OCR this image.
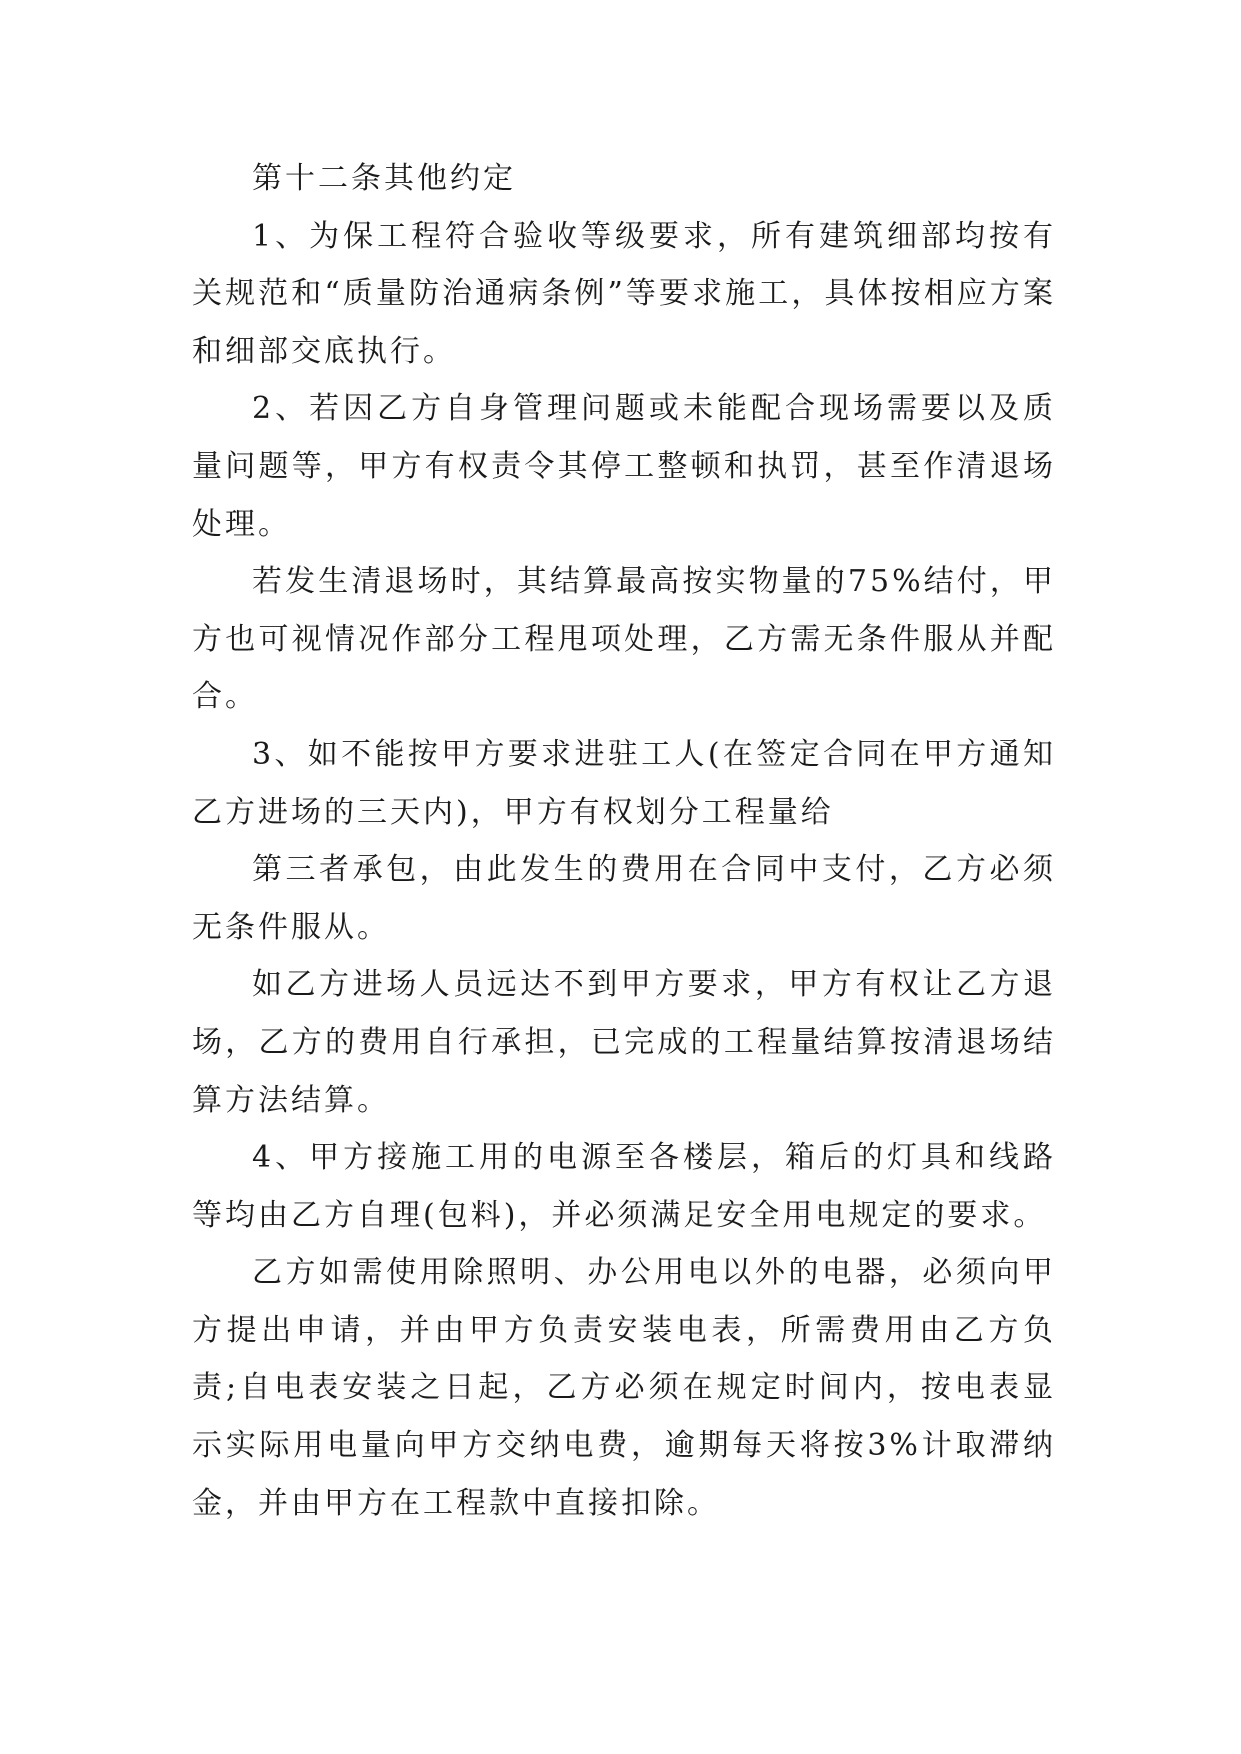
第十二条其他约定

1、为保工程符合验收等级要求，所有建筑细部均按有关规范和“质量防治通病条例”等要求施工，具体按相应方案和细部交底执行。

2、若因乙方自身管理问题或未能配合现场需要以及质量问题等，甲方有权责令其停工整顿和执罚，甚至作清退场处理。

若发生清退场时，其结算最高按实物量的75%结付，甲方也可视情况作部分工程甩项处理，乙方需无条件服从并配合。

3、如不能按甲方要求进驻工人(在签定合同在甲方通知乙方进场的三天内)，甲方有权划分工程量给

第三者承包，由此发生的费用在合同中支付，乙方必须无条件服从。

如乙方进场人员远达不到甲方要求，甲方有权让乙方退场，乙方的费用自行承担，已完成的工程量结算按清退场结算方法结算。

4、甲方接施工用的电源至各楼层，箱后的灯具和线路等均由乙方自理(包料)，并必须满足安全用电规定的要求。

乙方如需使用除照明、办公用电以外的电器，必须向甲方提出申请，并由甲方负责安装电表，所需费用由乙方负责;自电表安装之日起，乙方必须在规定时间内，按电表显示实际用电量向甲方交纳电费，逾期每天将按3%计取滞纳金，并由甲方在工程款中直接扣除。
